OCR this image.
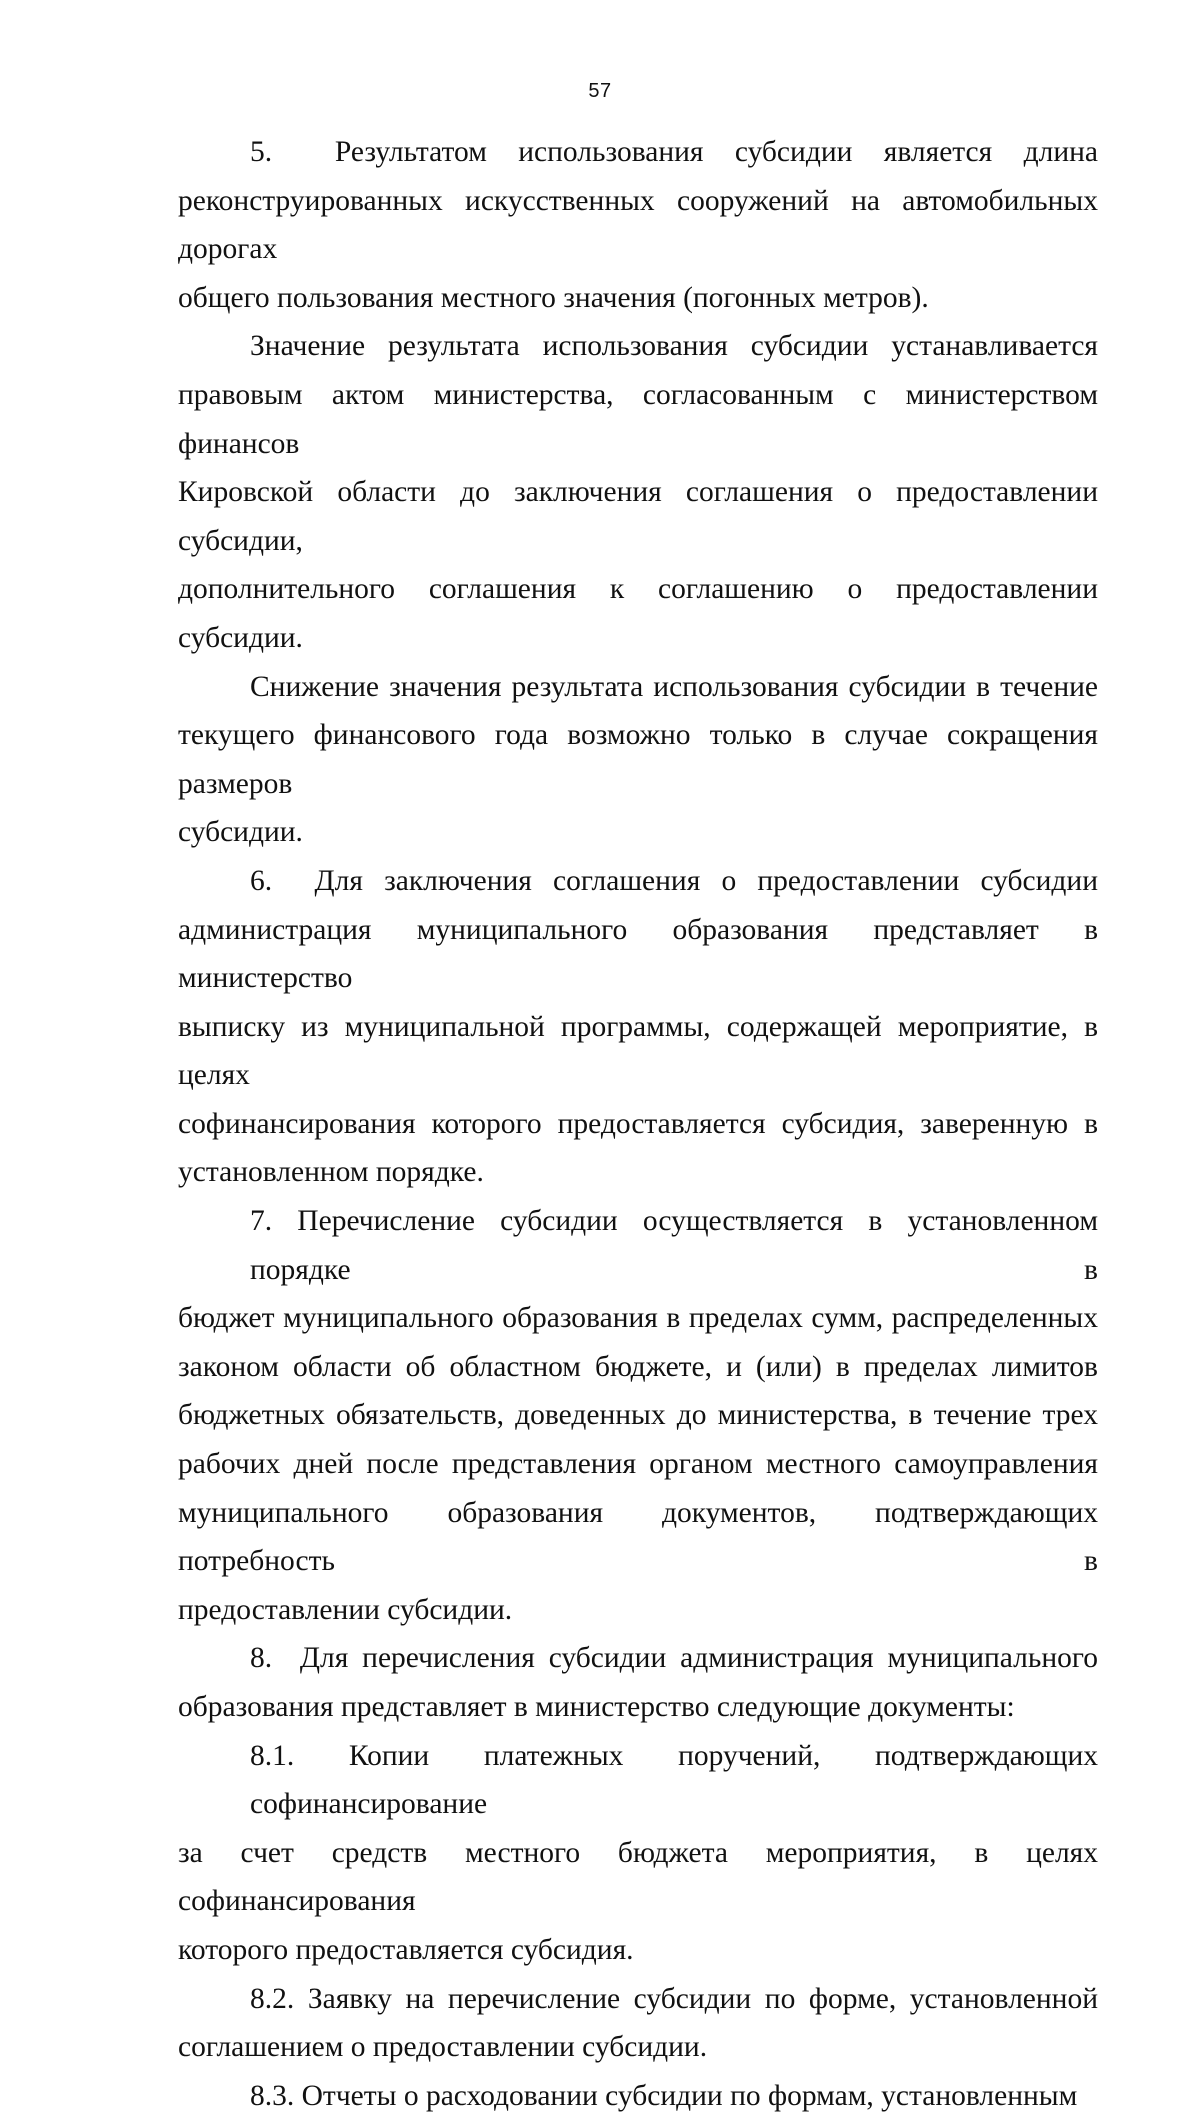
57
5.  Результатом использования субсидии является длина
реконструированных искусственных сооружений на автомобильных дорогах
общего пользования местного значения (погонных метров).
Значение результата использования субсидии устанавливается
правовым актом министерства, согласованным с министерством финансов
Кировской области до заключения соглашения о предоставлении субсидии,
дополнительного соглашения к соглашению о предоставлении субсидии.
Снижение значения результата использования субсидии в течение
текущего финансового года возможно только в случае сокращения размеров
субсидии.
6.  Для заключения соглашения о предоставлении субсидии
администрация муниципального образования представляет в министерство
выписку из муниципальной программы, содержащей мероприятие, в целях
софинансирования которого предоставляется субсидия, заверенную в
установленном порядке.
7. Перечисление субсидии осуществляется в установленном порядке в
бюджет муниципального образования в пределах сумм, распределенных
законом области об областном бюджете, и (или) в пределах лимитов
бюджетных обязательств, доведенных до министерства, в течение трех
рабочих дней после представления органом местного самоуправления
муниципального образования документов, подтверждающих потребность в
предоставлении субсидии.
8.  Для перечисления субсидии администрация муниципального
образования представляет в министерство следующие документы:
8.1. Копии платежных поручений, подтверждающих софинансирование
за счет средств местного бюджета мероприятия, в целях софинансирования
которого предоставляется субсидия.
8.2. Заявку на перечисление субсидии по форме, установленной
соглашением о предоставлении субсидии.
8.3. Отчеты о расходовании субсидии по формам, установленным
